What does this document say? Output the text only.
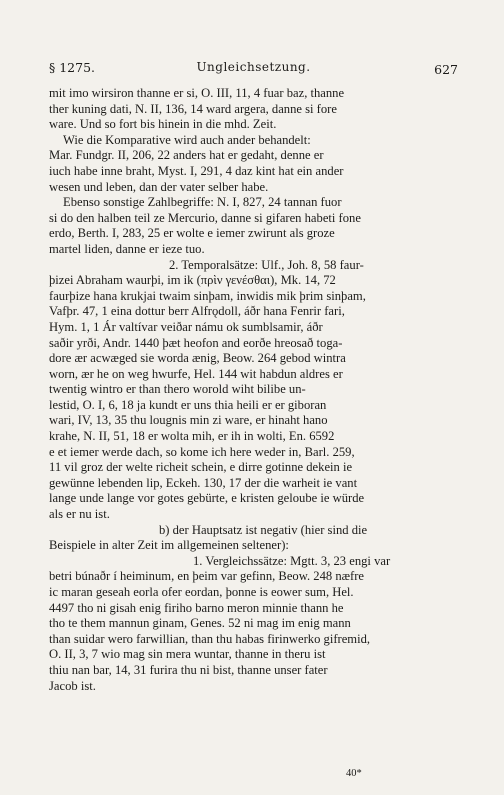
§ 1275.	Ungleichsetzung.	627
mit imo wirsiron thanne er si, O. III, 11, 4 fuar baz, thanne
ther kuning dati, N. II, 136, 14 ward argera, danne si fore
ware. Und so fort bis hinein in die mhd. Zeit.
Wie die Komparative wird auch ander behandelt:
Mar. Fundgr. II, 206, 22 anders hat er gedaht, denne er
iuch habe inne braht, Myst. I, 291, 4 daz kint hat ein ander
wesen und leben, dan der vater selber habe.
Ebenso sonstige Zahlbegriffe: N. I, 827, 24 tannan fuor
si do den halben teil ze Mercurio, danne si gifaren habeti fone
erdo, Berth. I, 283, 25 er wolte e iemer zwirunt als groze
martel liden, danne er ieze tuo.
2. Temporalsätze: Ulf., Joh. 8, 58 faur-
þizei Abraham waurþi, im ik (πρὶν γενέσθαι), Mk. 14, 72
faurþize hana krukjai twaim sinþam, inwidis mik þrim sinþam,
Vafþr. 47, 1 eina dottur berr Alfrǫdoll, áðr hana Fenrir fari,
Hym. 1, 1 Ár valtívar veiðar námu ok sumblsamir, áðr
saðir yrði, Andr. 1440 þæt heofon and eorðe hreosað toga-
dore ær acwæged sie worda ænig, Beow. 264 gebod wintra
worn, ær he on weg hwurfe, Hel. 144 wit habdun aldres er
twentig wintro er than thero worold wiht bilibe un-
lestid, O. I, 6, 18 ja kundt er uns thia heili er er giboran
wari, IV, 13, 35 thu lougnis min zi ware, er hinaht hano
krahe, N. II, 51, 18 er wolta mih, er ih in wolti, En. 6592
e et iemer werde dach, so kome ich here weder in, Barl. 259,
11 vil groz der welte richeit schein, e dirre gotinne dekein ie
gewünne lebenden lip, Eckeh. 130, 17 der die warheit ie vant
lange unde lange vor gotes gebürte, e kristen geloube ie würde
als er nu ist.
b) der Hauptsatz ist negativ (hier sind die
Beispiele in alter Zeit im allgemeinen seltener):
1. Vergleichssätze: Mgtt. 3, 23 engi var
betri búnaðr í heiminum, en þeim var gefinn, Beow. 248 næfre
ic maran geseah eorla ofer eordan, þonne is eower sum, Hel.
4497 tho ni gisah enig firiho barno meron minnie thann he
tho te them mannun ginam, Genes. 52 ni mag im enig mann
than suidar wero farwillian, than thu habas firinwerko gifremid,
O. II, 3, 7 wio mag sin mera wuntar, thanne in theru ist
thiu nan bar, 14, 31 furira thu ni bist, thanne unser fater
Jacob ist.
40*
